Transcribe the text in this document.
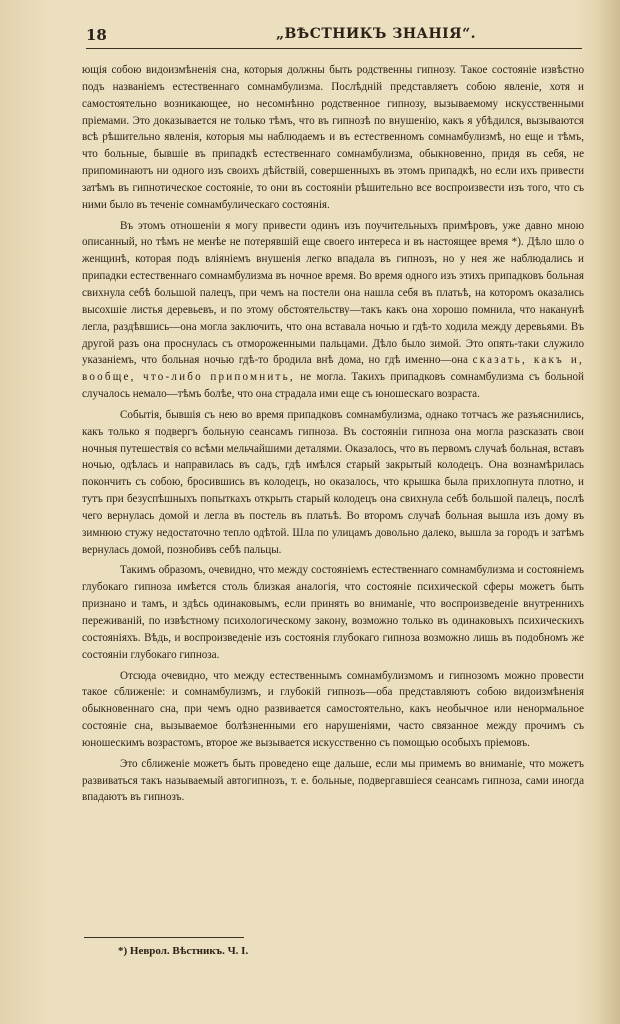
18	„ВѢСТНИКЪ ЗНАНІЯ“.

ющія собою видоизмѣненія сна, которыя должны быть родственны гипнозу. Такое состояніе извѣстно подъ названіемъ естественнаго сомнамбулизма. Послѣдній представляетъ собою явленіе, хотя и самостоятельно возникающее, но несомнѣнно родственное гипнозу, вызываемому искусственными пріемами. Это доказывается не только тѣмъ, что въ гипнозѣ по внушенію, какъ я убѣдился, вызываются всѣ рѣшительно явленія, которыя мы наблюдаемъ и въ естественномъ сомнамбулизмѣ, но еще и тѣмъ, что больные, бывшіе въ припадкѣ естественнаго сомнамбулизма, обыкновенно, придя въ себя, не припоминаютъ ни одного изъ своихъ дѣйствій, совершенныхъ въ этомъ припадкѣ, но если ихъ привести затѣмъ въ гипнотическое состояніе, то они въ состояніи рѣшительно все воспроизвести изъ того, что съ ними было въ теченіе сомнамбулическаго состоянія.

Въ этомъ отношеніи я могу привести одинъ изъ поучительныхъ примѣровъ, уже давно мною описанный, но тѣмъ не менѣе не потерявшій еще своего интереса и въ настоящее время *). Дѣло шло о женщинѣ, которая подъ вліяніемъ внушенія легко впадала въ гипнозъ, но у нея же наблюдались и припадки естественнаго сомнамбулизма въ ночное время. Во время одного изъ этихъ припадковъ больная свихнула себѣ большой палецъ, при чемъ на постели она нашла себя въ платьѣ, на которомъ оказались высохшіе листья деревьевъ, и по этому обстоятельству—такъ какъ она хорошо помнила, что наканунѣ легла, раздѣвшись—она могла заключить, что она вставала ночью и гдѣ-то ходила между деревьями. Въ другой разъ она проснулась съ отмороженными пальцами. Дѣло было зимой. Это опять-таки служило указаніемъ, что больная ночью гдѣ-то бродила внѣ дома, но гдѣ именно—она сказать, какъ и, вообще, что-либо припомнить, не могла. Такихъ припадковъ сомнамбулизма съ больной случалось немало—тѣмъ болѣе, что она страдала ими еще съ юношескаго возраста.

Событія, бывшія съ нею во время припадковъ сомнамбулизма, однако тотчасъ же разъяснились, какъ только я подвергъ больную сеансамъ гипноза. Въ состояніи гипноза она могла разсказать свои ночныя путешествія со всѣми мельчайшими деталями. Оказалось, что въ первомъ случаѣ больная, вставъ ночью, одѣлась и направилась въ садъ, гдѣ имѣлся старый закрытый колодецъ. Она вознамѣрилась покончить съ собою, бросившись въ колодецъ, но оказалось, что крышка была прихлопнута плотно, и тутъ при безуспѣшныхъ попыткахъ открыть старый колодецъ она свихнула себѣ большой палецъ, послѣ чего вернулась домой и легла въ постель въ платьѣ. Во второмъ случаѣ больная вышла изъ дому въ зимнюю стужу недостаточно тепло одѣтой. Шла по улицамъ довольно далеко, вышла за городъ и затѣмъ вернулась домой, познобивъ себѣ пальцы.

Такимъ образомъ, очевидно, что между состояніемъ естественнаго сомнамбулизма и состояніемъ глубокаго гипноза имѣется столь близкая аналогія, что состояніе психической сферы можетъ быть признано и тамъ, и здѣсь одинаковымъ, если принять во вниманіе, что воспроизведеніе внутреннихъ переживаній, по извѣстному психологическому закону, возможно только въ одинаковыхъ психическихъ состояніяхъ. Вѣдь, и воспроизведеніе изъ состоянія глубокаго гипноза возможно лишь въ подобномъ же состояніи глубокаго гипноза.

Отсюда очевидно, что между естественнымъ сомнамбулизмомъ и гипнозомъ можно провести такое сближеніе: и сомнамбулизмъ, и глубокій гипнозъ—оба представляютъ собою видоизмѣненія обыкновеннаго сна, при чемъ одно развивается самостоятельно, какъ необычное или ненормальное состояніе сна, вызываемое болѣзненными его нарушеніями, часто связанное между прочимъ съ юношескимъ возрастомъ, второе же вызывается искусственно съ помощью особыхъ пріемовъ.

Это сближеніе можетъ быть проведено еще дальше, если мы примемъ во вниманіе, что можетъ развиваться такъ называемый автогипнозъ, т. е. больные, подвергавшіеся сеансамъ гипноза, сами иногда впадаютъ въ гипнозъ.

*) Неврол. Вѣстникъ. Ч. I.
